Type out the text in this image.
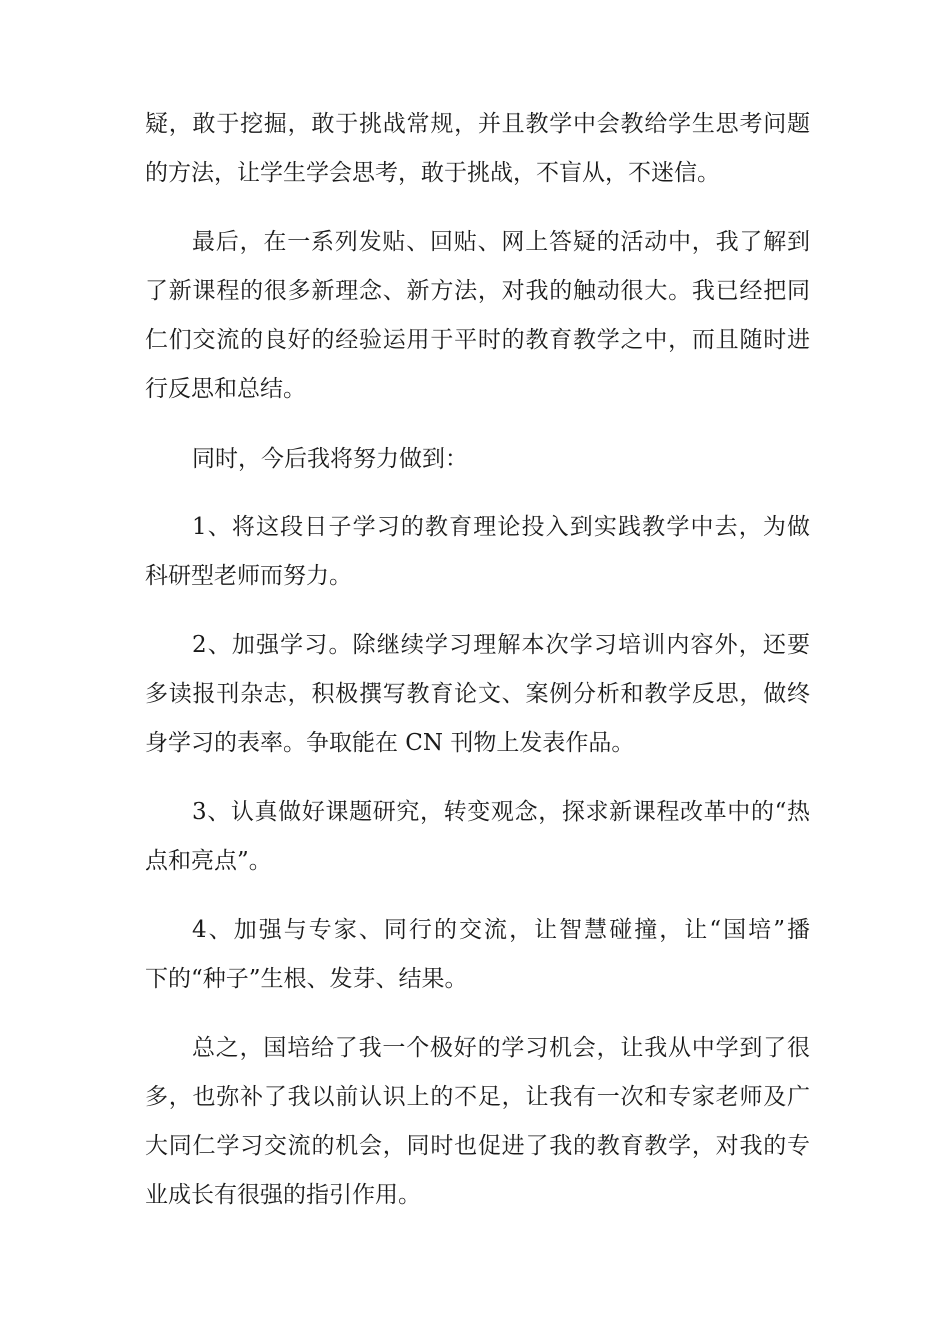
疑，敢于挖掘，敢于挑战常规，并且教学中会教给学生思考问题
的方法，让学生学会思考，敢于挑战，不盲从，不迷信。
最后，在一系列发贴、回贴、网上答疑的活动中，我了解到
了新课程的很多新理念、新方法，对我的触动很大。我已经把同
仁们交流的良好的经验运用于平时的教育教学之中，而且随时进
行反思和总结。
同时，今后我将努力做到：
1、将这段日子学习的教育理论投入到实践教学中去，为做
科研型老师而努力。
2、加强学习。除继续学习理解本次学习培训内容外，还要
多读报刊杂志，积极撰写教育论文、案例分析和教学反思，做终
身学习的表率。争取能在 CN 刊物上发表作品。
3、认真做好课题研究，转变观念，探求新课程改革中的“热
点和亮点”。
4、加强与专家、同行的交流，让智慧碰撞，让“国培”播
下的“种子”生根、发芽、结果。
总之，国培给了我一个极好的学习机会，让我从中学到了很
多，也弥补了我以前认识上的不足，让我有一次和专家老师及广
大同仁学习交流的机会，同时也促进了我的教育教学，对我的专
业成长有很强的指引作用。
